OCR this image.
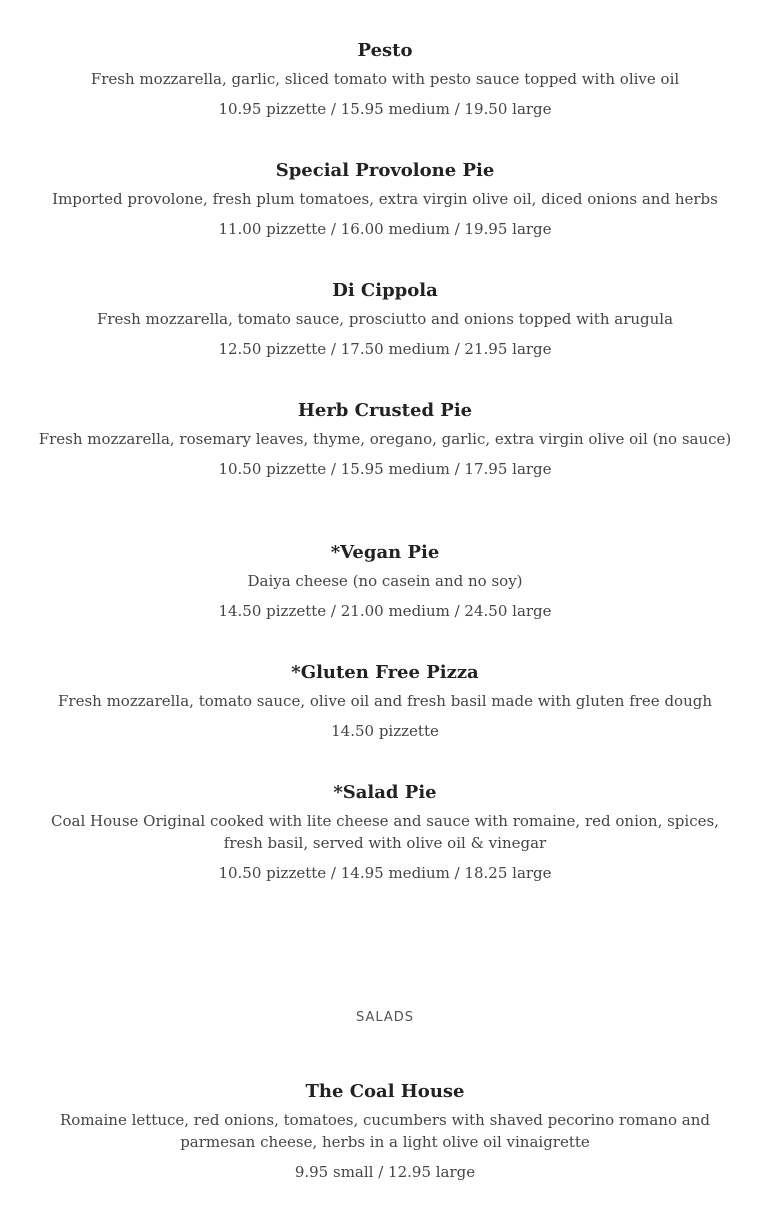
Pesto
Fresh mozzarella, garlic, sliced tomato with pesto sauce topped with olive oil
10.95 pizzette / 15.95 medium / 19.50 large
Special Provolone Pie
Imported provolone, fresh plum tomatoes, extra virgin olive oil, diced onions and herbs
11.00 pizzette / 16.00 medium / 19.95 large
Di Cippola
Fresh mozzarella, tomato sauce, prosciutto and onions topped with arugula
12.50 pizzette / 17.50 medium / 21.95 large
Herb Crusted Pie
Fresh mozzarella, rosemary leaves, thyme, oregano, garlic, extra virgin olive oil (no sauce)
10.50 pizzette / 15.95 medium / 17.95 large
*Vegan Pie
Daiya cheese (no casein and no soy)
14.50 pizzette / 21.00 medium / 24.50 large
*Gluten Free Pizza
Fresh mozzarella, tomato sauce, olive oil and fresh basil made with gluten free dough
14.50 pizzette
*Salad Pie
Coal House Original cooked with lite cheese and sauce with romaine, red onion, spices, fresh basil, served with olive oil & vinegar
10.50 pizzette / 14.95 medium / 18.25 large
SALADS
The Coal House
Romaine lettuce, red onions, tomatoes, cucumbers with shaved pecorino romano and parmesan cheese, herbs in a light olive oil vinaigrette
9.95 small / 12.95 large
